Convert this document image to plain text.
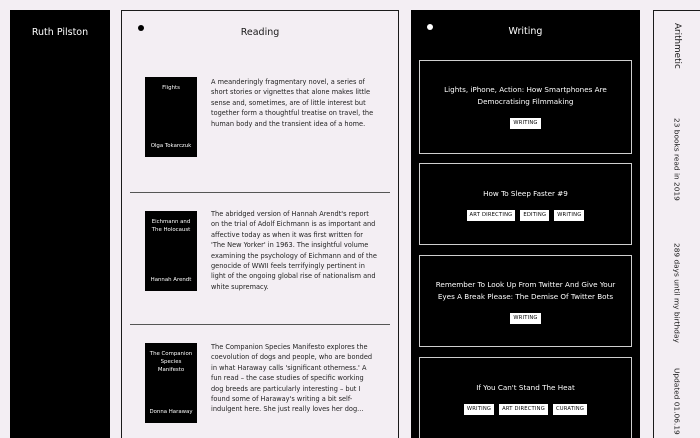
Ruth Pilston	Reading
Flights
Olga Tokarczuk

A meanderingly fragmentary novel, a series of short stories or vignettes that alone makes little sense and, sometimes, are of little interest but together form a thoughtful treatise on travel, the human body and the transient idea of a home.

Eichmann and The Holocaust
Hannah Arendt

The abridged version of Hannah Arendt's report on the trial of Adolf Eichmann is as important and affective today as when it was first written for 'The New Yorker' in 1963. The insightful volume examining the psychology of Eichmann and of the genocide of WWII feels terrifyingly pertinent in light of the ongoing global rise of nationalism and white supremacy.

The Companion Species Manifesto
Donna Haraway

The Companion Species Manifesto explores the coevolution of dogs and people, who are bonded in what Haraway calls 'significant otherness.' A fun read – the case studies of specific working dog breeds are particularly interesting – but I found some of Haraway's writing a bit self-indulgent here. She just really loves her dog...

Writing
Lights, iPhone, Action: How Smartphones Are Democratising Filmmaking
WRITING
How To Sleep Faster #9
ART DIRECTING	EDITING	WRITING
Remember To Look Up From Twitter And Give Your Eyes A Break Please: The Demise Of Twitter Bots
WRITING
If You Can't Stand The Heat
WRITING	ART DIRECTING	CURATING
Arithmetic
23 books read in 2019
289 days until my birthday
Updated 01.06.19
